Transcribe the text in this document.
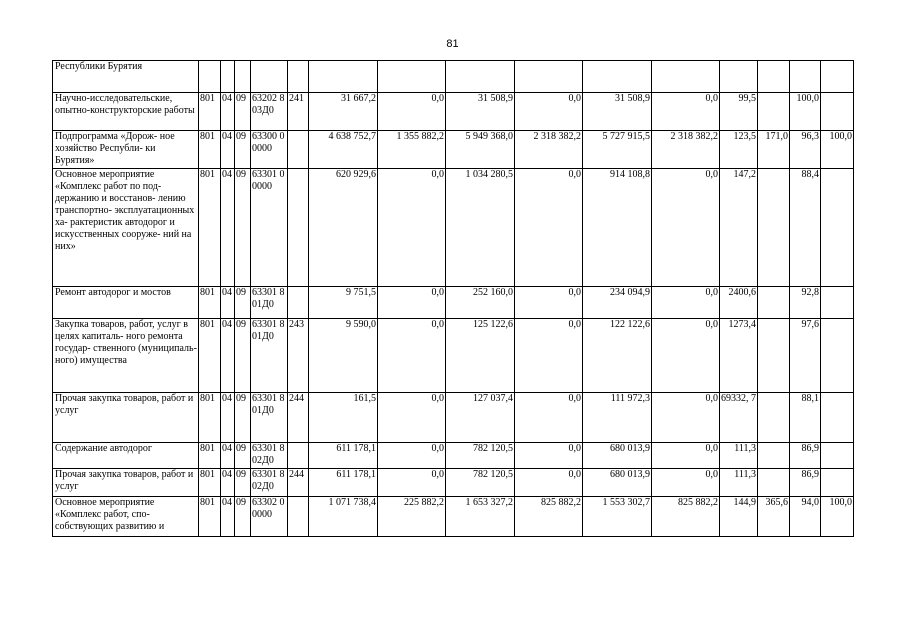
81
Республики Бурятия															
Научно-исследовательские, опытно-конструкторские работы	801	04	09	63202 803Д0	241	31 667,2	0,0	31 508,9	0,0	31 508,9	0,0	99,5		100,0	
Подпрограмма «Дорож- ное хозяйство Республи- ки Бурятия»	801	04	09	63300 00000		4 638 752,7	1 355 882,2	5 949 368,0	2 318 382,2	5 727 915,5	2 318 382,2	123,5	171,0	96,3	100,0
Основное мероприятие «Комплекс работ по под- держанию и восстанов- лению транспортно- эксплуатационных ха- рактеристик автодорог и искусственных сооруже- ний на них»	801	04	09	63301 00000		620 929,6	0,0	1 034 280,5	0,0	914 108,8	0,0	147,2		88,4	
Ремонт автодорог и мостов	801	04	09	63301 801Д0		9 751,5	0,0	252 160,0	0,0	234 094,9	0,0	2400,6		92,8	
Закупка товаров, работ, услуг в целях капиталь- ного ремонта государ- ственного (муниципаль- ного) имущества	801	04	09	63301 801Д0	243	9 590,0	0,0	125 122,6	0,0	122 122,6	0,0	1273,4		97,6	
Прочая закупка товаров, работ и услуг	801	04	09	63301 801Д0	244	161,5	0,0	127 037,4	0,0	111 972,3	0,0	69332, 7		88,1	
Содержание автодорог	801	04	09	63301 802Д0		611 178,1	0,0	782 120,5	0,0	680 013,9	0,0	111,3		86,9	
Прочая закупка товаров, работ и услуг	801	04	09	63301 802Д0	244	611 178,1	0,0	782 120,5	0,0	680 013,9	0,0	111,3		86,9	
Основное мероприятие «Комплекс работ, спо- собствующих развитию и	801	04	09	63302 00000		1 071 738,4	225 882,2	1 653 327,2	825 882,2	1 553 302,7	825 882,2	144,9	365,6	94,0	100,0
